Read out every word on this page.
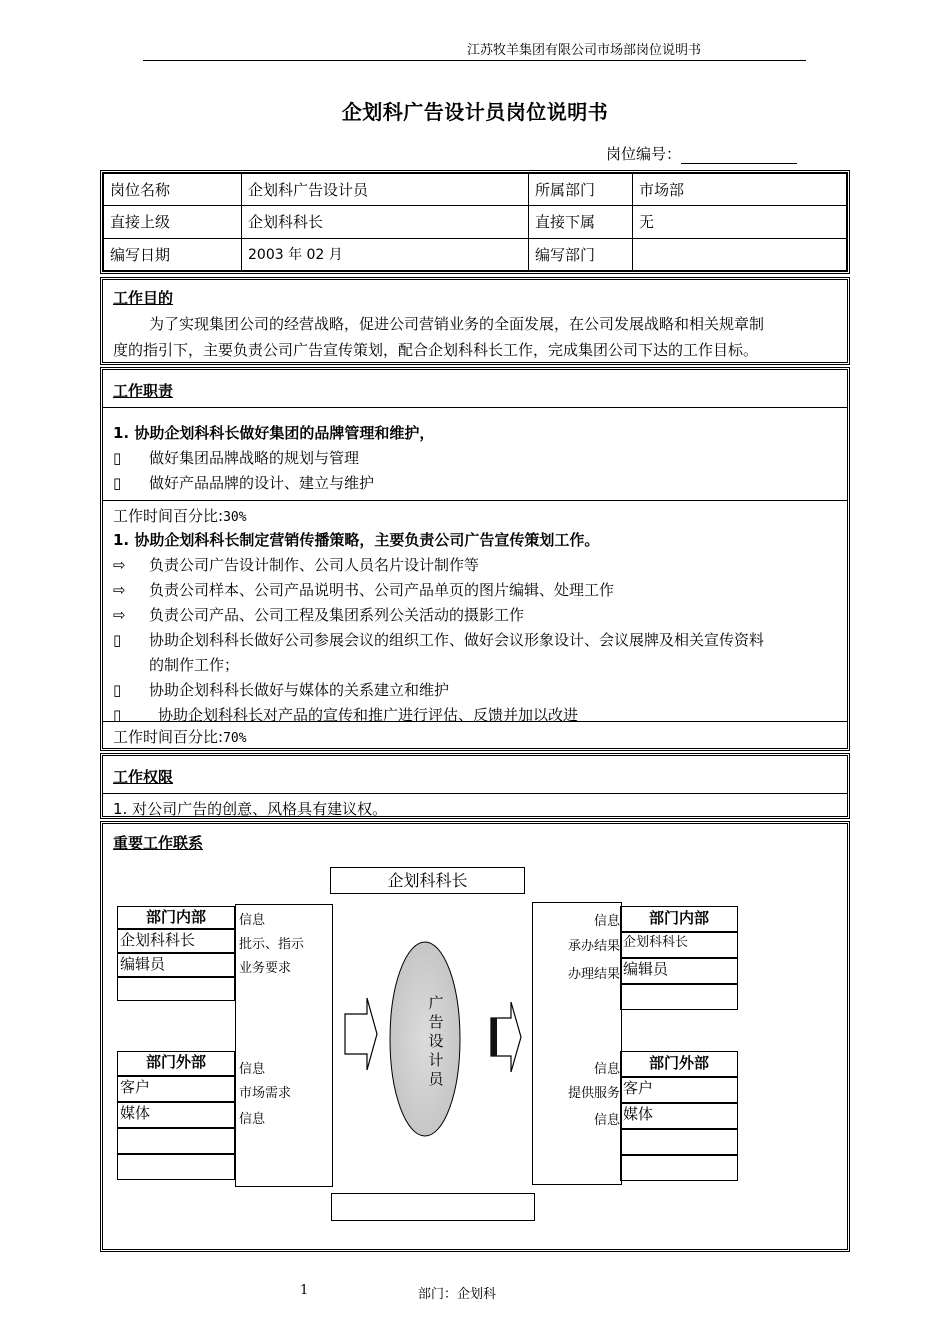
江苏牧羊集团有限公司市场部岗位说明书
企划科广告设计员岗位说明书
岗位编号：
岗位名称	企划科广告设计员	所属部门	市场部
直接上级	企划科科长	直接下属	无
编写日期	2003 年 02 月	编写部门	
工作目的
为了实现集团公司的经营战略，促进公司营销业务的全面发展，在公司发展战略和相关规章制
度的指引下，主要负责公司广告宣传策划，配合企划科科长工作，完成集团公司下达的工作目标。
工作职责
1. 协助企划科科长做好集团的品牌管理和维护，
▯ 做好集团品牌战略的规划与管理
▯ 做好产品品牌的设计、建立与维护
工作时间百分比:30%
1. 协助企划科科长制定营销传播策略，主要负责公司广告宣传策划工作。
⇨ 负责公司广告设计制作、公司人员名片设计制作等
⇨ 负责公司样本、公司产品说明书、公司产品单页的图片编辑、处理工作
⇨ 负责公司产品、公司工程及集团系列公关活动的摄影工作
▯ 协助企划科科长做好公司参展会议的组织工作、做好会议形象设计、会议展牌及相关宣传资料
的制作工作；
▯ 协助企划科科长做好与媒体的关系建立和维护
▯ 协助企划科科长对产品的宣传和推广进行评估、反馈并加以改进
工作时间百分比:70%
工作权限
1. 对公司广告的创意、风格具有建议权。
重要工作联系
企划科科长
信息
批示、指示
业务要求
信息
市场需求
信息
部门内部
企划科科长
编辑员
部门外部
客户
媒体
广告设计员
信息
承办结果
办理结果
信息
提供服务
信息
部门内部
企划科科长
编辑员
部门外部
客户
媒体
1	部门：企划科
